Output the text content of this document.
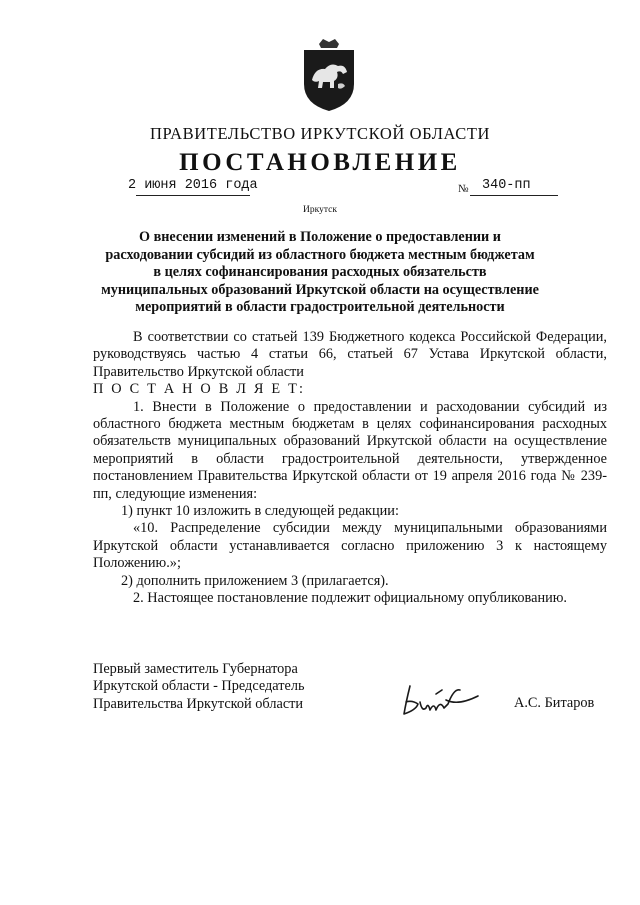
ПРАВИТЕЛЬСТВО ИРКУТСКОЙ ОБЛАСТИ
ПОСТАНОВЛЕНИЕ
2 июня 2016 года	№ 340-пп
Иркутск
О внесении изменений в Положение о предоставлении и расходовании субсидий из областного бюджета местным бюджетам в целях софинансирования расходных обязательств муниципальных образований Иркутской области на осуществление мероприятий в области градостроительной деятельности

В соответствии со статьей 139 Бюджетного кодекса Российской Федерации, руководствуясь частью 4 статьи 66, статьей 67 Устава Иркутской области, Правительство Иркутской области

П О С Т А Н О В Л Я Е Т:

1. Внести в Положение о предоставлении и расходовании субсидий из областного бюджета местным бюджетам в целях софинансирования расходных обязательств муниципальных образований Иркутской области на осуществление мероприятий в области градостроительной деятельности, утвержденное постановлением Правительства Иркутской области от 19 апреля 2016 года № 239-пп, следующие изменения:

1) пункт 10 изложить в следующей редакции:

«10. Распределение субсидии между муниципальными образованиями Иркутской области устанавливается согласно приложению 3 к настоящему Положению.»;

2) дополнить приложением 3 (прилагается).

2. Настоящее постановление подлежит официальному опубликованию.

Первый заместитель Губернатора
Иркутской области - Председатель
Правительства Иркутской области	А.С. Битаров
